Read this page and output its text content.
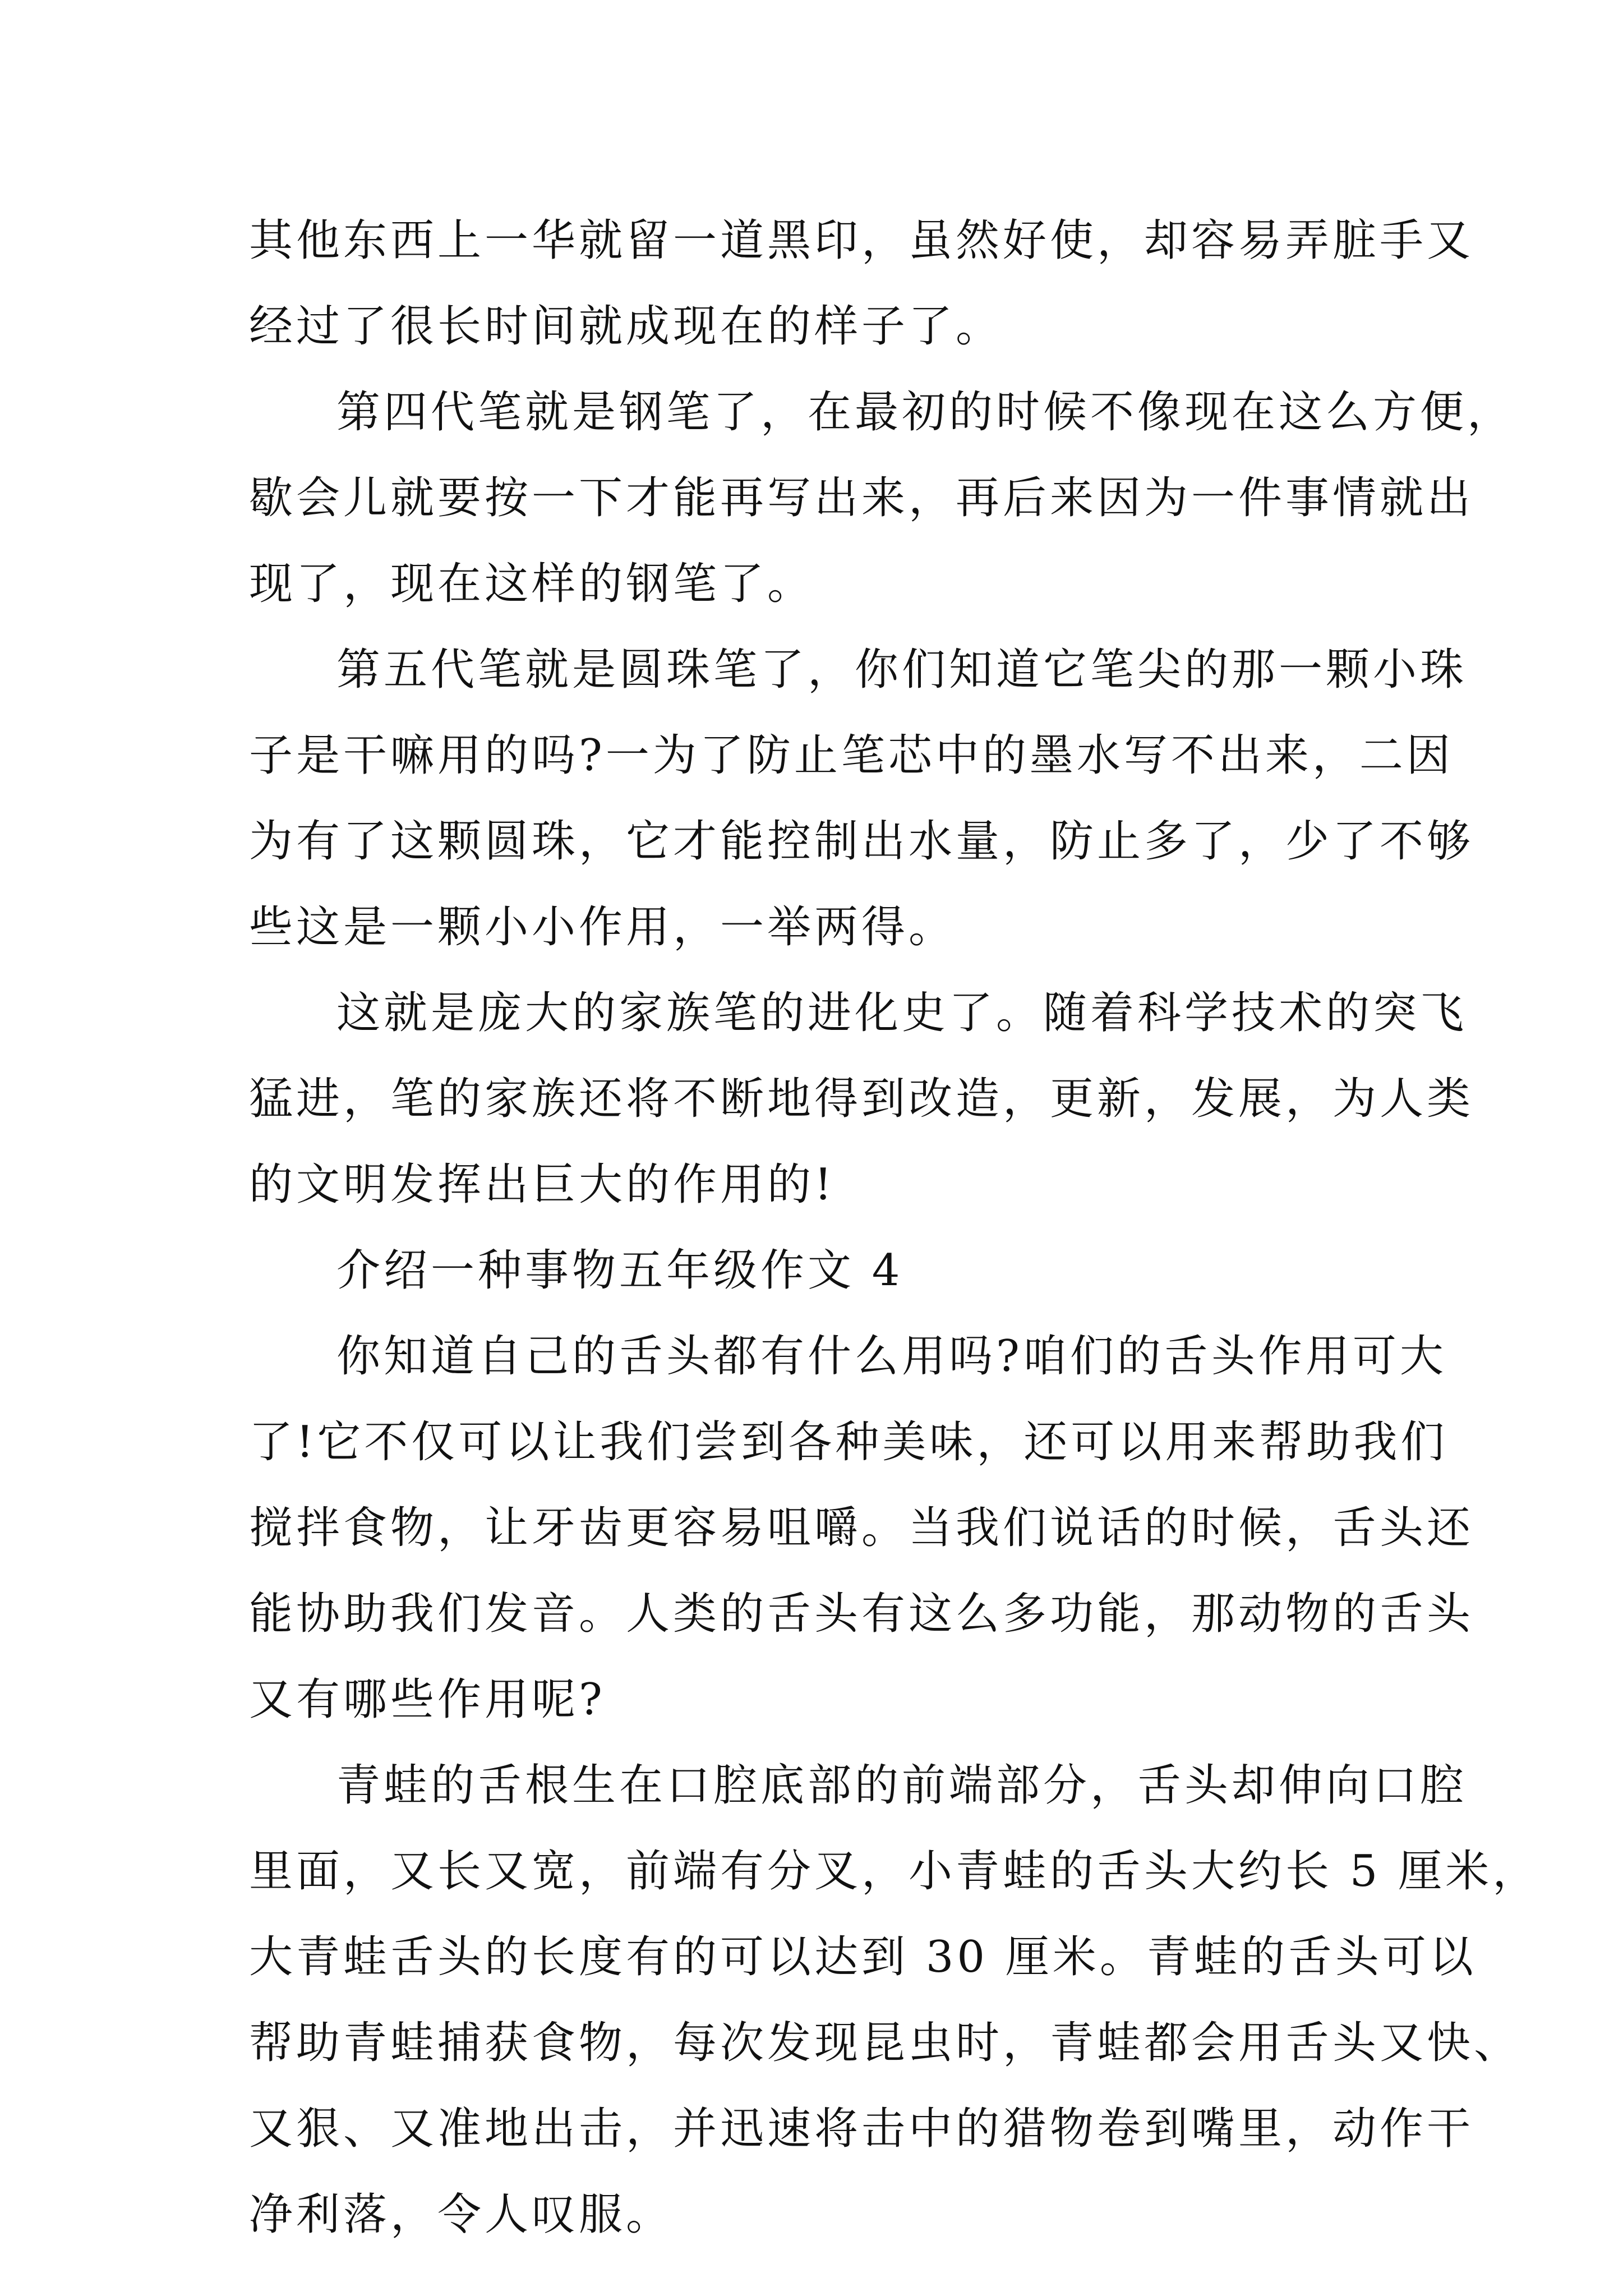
其他东西上一华就留一道黑印，虽然好使，却容易弄脏手又
经过了很长时间就成现在的样子了。
第四代笔就是钢笔了，在最初的时候不像现在这么方便，
歇会儿就要按一下才能再写出来，再后来因为一件事情就出
现了，现在这样的钢笔了。
第五代笔就是圆珠笔了，你们知道它笔尖的那一颗小珠
子是干嘛用的吗?一为了防止笔芯中的墨水写不出来，二因
为有了这颗圆珠，它才能控制出水量，防止多了，少了不够
些这是一颗小小作用，一举两得。
这就是庞大的家族笔的进化史了。随着科学技术的突飞
猛进，笔的家族还将不断地得到改造，更新，发展，为人类
的文明发挥出巨大的作用的!
介绍一种事物五年级作文 4
你知道自己的舌头都有什么用吗?咱们的舌头作用可大
了!它不仅可以让我们尝到各种美味，还可以用来帮助我们
搅拌食物，让牙齿更容易咀嚼。当我们说话的时候，舌头还
能协助我们发音。人类的舌头有这么多功能，那动物的舌头
又有哪些作用呢?
青蛙的舌根生在口腔底部的前端部分，舌头却伸向口腔
里面，又长又宽，前端有分叉，小青蛙的舌头大约长 5 厘米，
大青蛙舌头的长度有的可以达到 30 厘米。青蛙的舌头可以
帮助青蛙捕获食物，每次发现昆虫时，青蛙都会用舌头又快、
又狠、又准地出击，并迅速将击中的猎物卷到嘴里，动作干
净利落，令人叹服。
